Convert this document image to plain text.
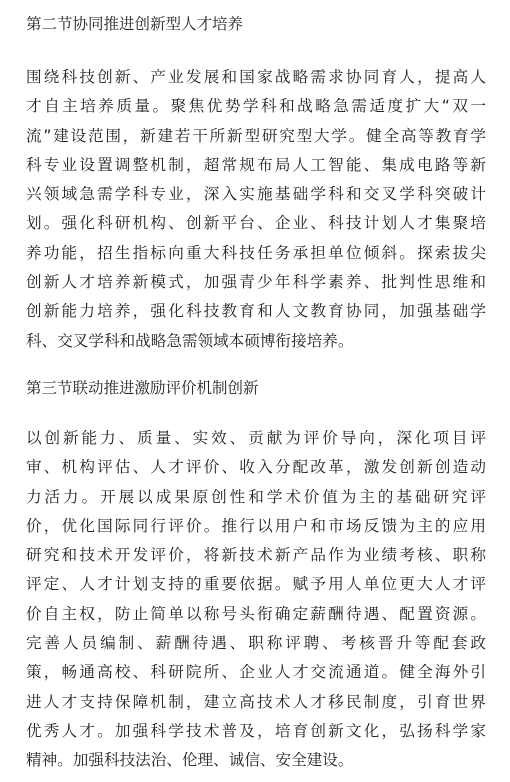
第二节协同推进创新型人才培养

围绕科技创新、产业发展和国家战略需求协同育人，提高人
才自主培养质量。聚焦优势学科和战略急需适度扩大“双一
流”建设范围，新建若干所新型研究型大学。健全高等教育学
科专业设置调整机制，超常规布局人工智能、集成电路等新
兴领域急需学科专业，深入实施基础学科和交叉学科突破计
划。强化科研机构、创新平台、企业、科技计划人才集聚培
养功能，招生指标向重大科技任务承担单位倾斜。探索拔尖
创新人才培养新模式，加强青少年科学素养、批判性思维和
创新能力培养，强化科技教育和人文教育协同，加强基础学
科、交叉学科和战略急需领域本硕博衔接培养。

第三节联动推进激励评价机制创新

以创新能力、质量、实效、贡献为评价导向，深化项目评
审、机构评估、人才评价、收入分配改革，激发创新创造动
力活力。开展以成果原创性和学术价值为主的基础研究评
价，优化国际同行评价。推行以用户和市场反馈为主的应用
研究和技术开发评价，将新技术新产品作为业绩考核、职称
评定、人才计划支持的重要依据。赋予用人单位更大人才评
价自主权，防止简单以称号头衔确定薪酬待遇、配置资源。
完善人员编制、薪酬待遇、职称评聘、考核晋升等配套政
策，畅通高校、科研院所、企业人才交流通道。健全海外引
进人才支持保障机制，建立高技术人才移民制度，引育世界
优秀人才。加强科学技术普及，培育创新文化，弘扬科学家
精神。加强科技法治、伦理、诚信、安全建设。
